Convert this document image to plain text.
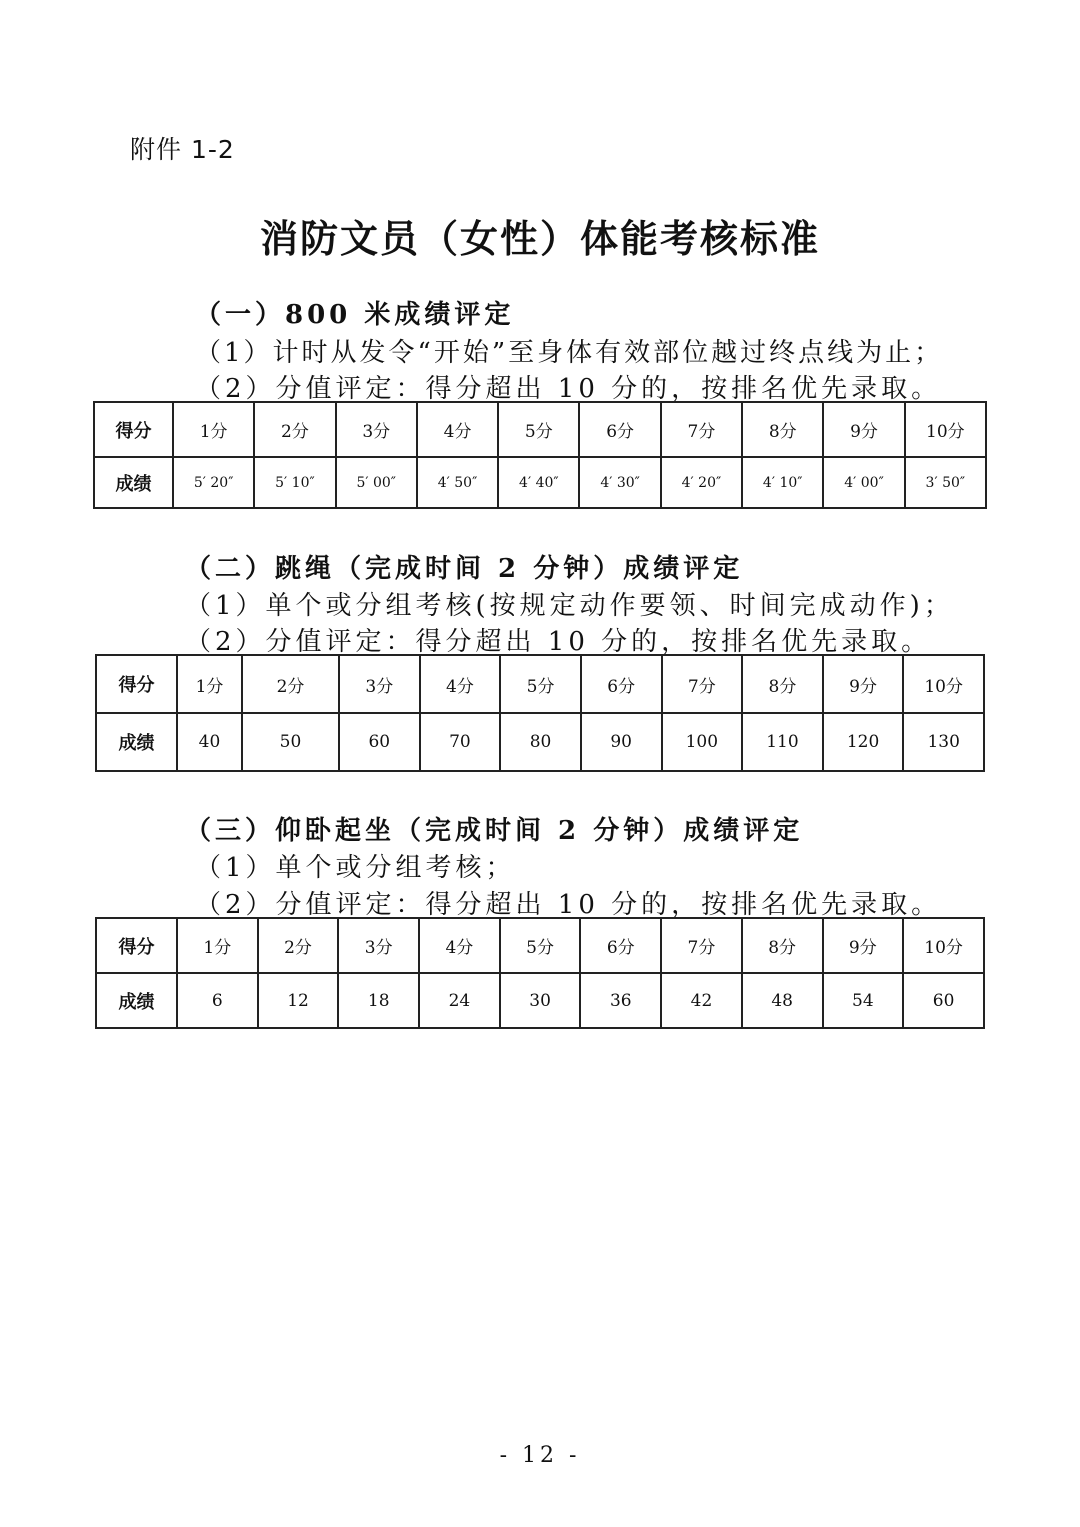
附件 1-2
消防文员（女性）体能考核标准
（一）800 米成绩评定
（1）计时从发令“开始”至身体有效部位越过终点线为止；
（2）分值评定：得分超出 10 分的，按排名优先录取。
得分	1分	2分	3分	4分	5分	6分	7分	8分	9分	10分
成绩	5′ 20″	5′ 10″	5′ 00″	4′ 50″	4′ 40″	4′ 30″	4′ 20″	4′ 10″	4′ 00″	3′ 50″
（二）跳绳（完成时间 2 分钟）成绩评定
（1）单个或分组考核(按规定动作要领、时间完成动作)；
（2）分值评定：得分超出 10 分的，按排名优先录取。
得分	1分	2分	3分	4分	5分	6分	7分	8分	9分	10分
成绩	40	50	60	70	80	90	100	110	120	130
（三）仰卧起坐（完成时间 2 分钟）成绩评定
（1）单个或分组考核；
（2）分值评定：得分超出 10 分的，按排名优先录取。
得分	1分	2分	3分	4分	5分	6分	7分	8分	9分	10分
成绩	6	12	18	24	30	36	42	48	54	60
- 12 -
